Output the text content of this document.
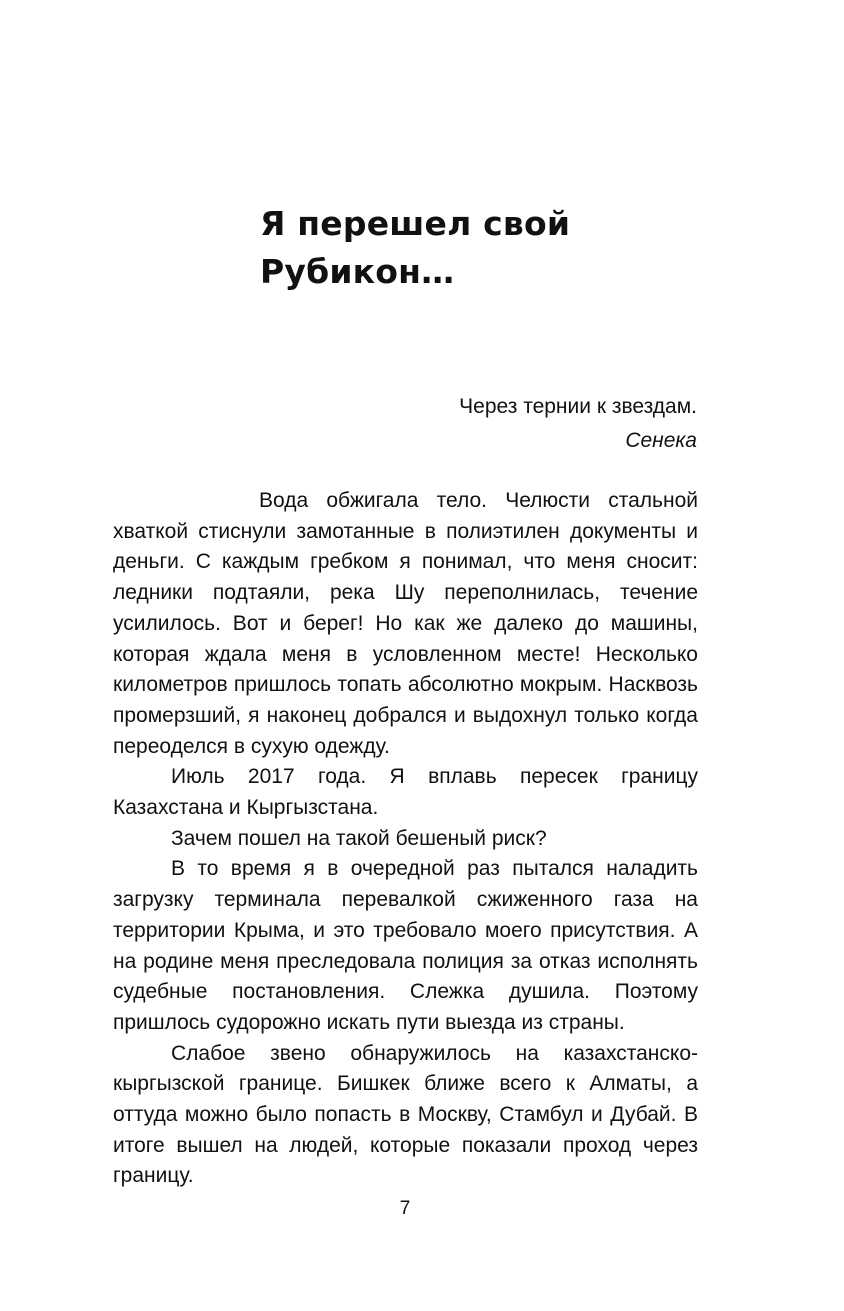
Я перешел свой
Рубикон…
Через тернии к звездам.
Сенека

Вода обжигала тело. Челюсти стальной хваткой стиснули замотанные в полиэтилен документы и деньги. С каждым гребком я понимал, что меня сносит: ледники подтаяли, река Шу переполнилась, течение усилилось. Вот и берег! Но как же далеко до машины, которая ждала меня в условленном месте! Несколько километров пришлось топать абсолютно мокрым. Насквозь промерзший, я наконец добрался и выдохнул только когда переоделся в сухую одежду.

Июль 2017 года. Я вплавь пересек границу Казахстана и Кыргызстана.

Зачем пошел на такой бешеный риск?

В то время я в очередной раз пытался наладить загрузку терминала перевалкой сжиженного газа на территории Крыма, и это требовало моего присутствия. А на родине меня преследовала полиция за отказ исполнять судебные постановления. Слежка душила. Поэтому пришлось судорожно искать пути выезда из страны.

Слабое звено обнаружилось на казахстанско-кыргызской границе. Бишкек ближе всего к Алматы, а оттуда можно было попасть в Москву, Стамбул и Дубай. В итоге вышел на людей, которые показали проход через границу.

7
